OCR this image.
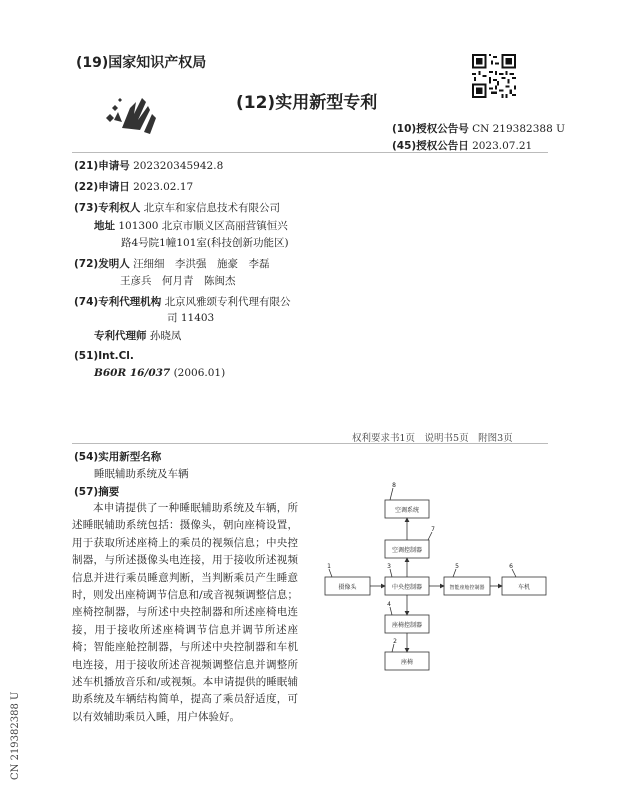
(19)国家知识产权局
(12)实用新型专利
(10)授权公告号 CN 219382388 U
(45)授权公告日 2023.07.21
(21)申请号 202320345942.8
(22)申请日 2023.02.17
(73)专利权人 北京车和家信息技术有限公司
地址 101300 北京市顺义区高丽营镇恒兴
路4号院1幢101室(科技创新功能区)
(72)发明人 汪细细　李洪强　施豪　李磊
王彦兵　何月青　陈闽杰
(74)专利代理机构 北京风雅颂专利代理有限公
司 11403
专利代理师 孙晓凤
(51)Int.Cl.
B60R 16/037 (2006.01)
权利要求书1页　说明书5页　附图3页
(54)实用新型名称
睡眠辅助系统及车辆
(57)摘要
本申请提供了一种睡眠辅助系统及车辆，所述睡眠辅助系统包括：摄像头，朝向座椅设置，用于获取所述座椅上的乘员的视频信息；中央控制器，与所述摄像头电连接，用于接收所述视频信息并进行乘员睡意判断，当判断乘员产生睡意时，则发出座椅调节信息和/或音视频调整信息；座椅控制器，与所述中央控制器和所述座椅电连接，用于接收所述座椅调节信息并调节所述座椅；智能座舱控制器，与所述中央控制器和车机电连接，用于接收所述音视频调整信息并调整所述车机播放音乐和/或视频。本申请提供的睡眠辅助系统及车辆结构简单，提高了乘员舒适度，可以有效辅助乘员入睡，用户体验好。
空调系统
空调控制器
摄像头	中央控制器	智能座舱控制器	车机
座椅控制器
座椅
8
7
1	3	5	6
4
2
CN 219382388 U
